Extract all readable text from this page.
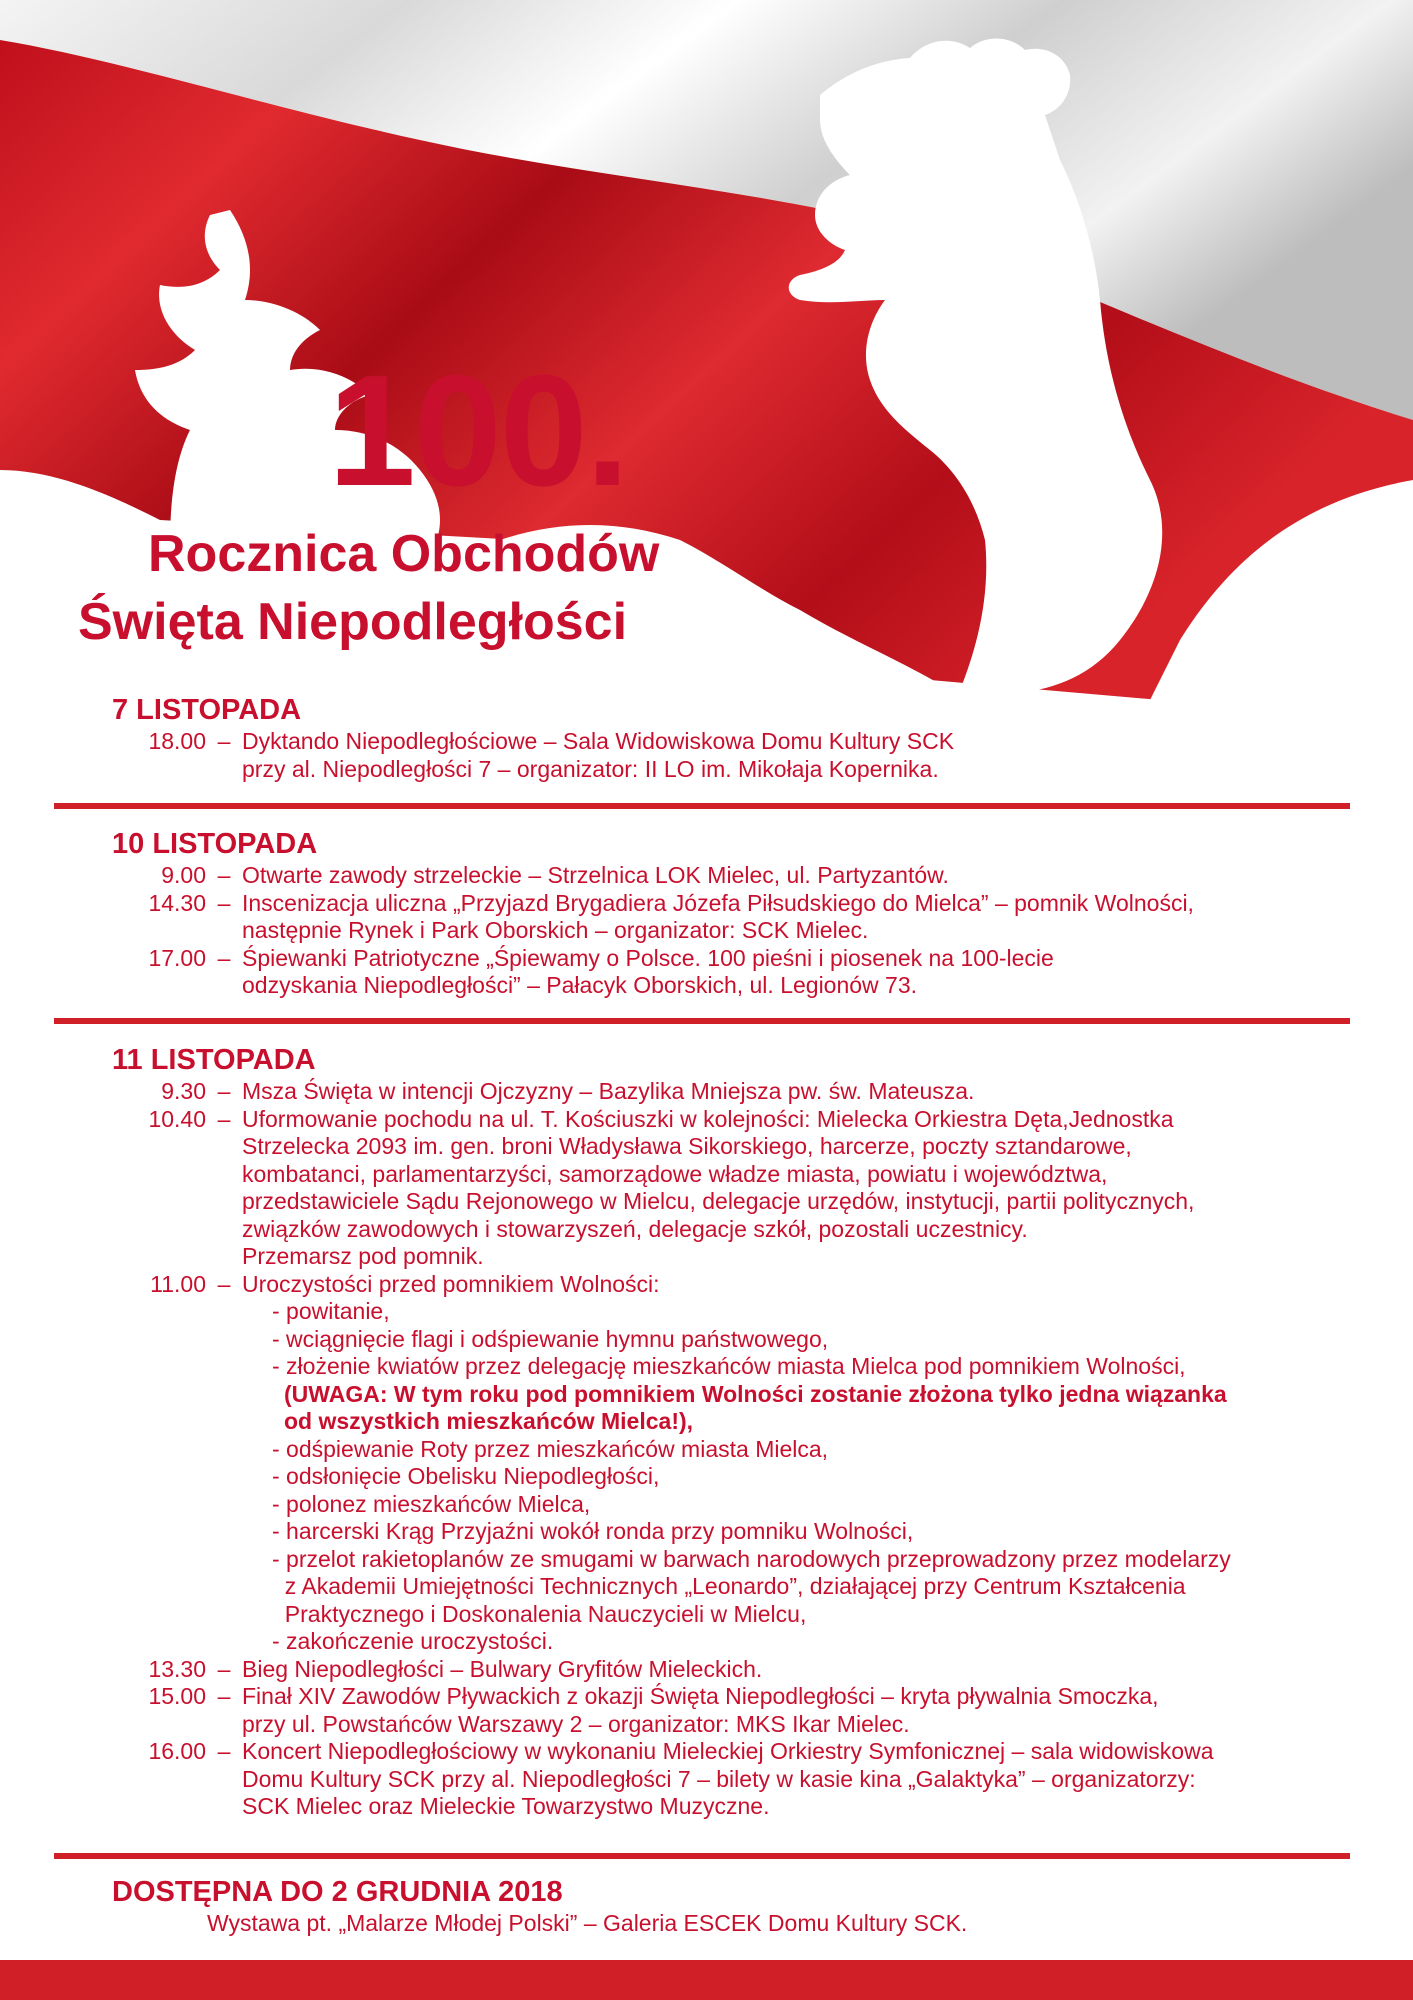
100.
Rocznica Obchodów
Święta Niepodległości
7 LISTOPADA
18.00 – Dyktando Niepodległościowe – Sala Widowiskowa Domu Kultury SCK

przy al. Niepodległości 7 – organizator: II LO im. Mikołaja Kopernika.

10 LISTOPADA
9.00 – Otwarte zawody strzeleckie – Strzelnica LOK Mielec, ul. Partyzantów.

14.30 – Inscenizacja uliczna „Przyjazd Brygadiera Józefa Piłsudskiego do Mielca” – pomnik Wolności,

następnie Rynek i Park Oborskich – organizator: SCK Mielec.

17.00 – Śpiewanki Patriotyczne „Śpiewamy o Polsce. 100 pieśni i piosenek na 100-lecie

odzyskania Niepodległości” – Pałacyk Oborskich, ul. Legionów 73.

11 LISTOPADA
9.30 – Msza Święta w intencji Ojczyzny – Bazylika Mniejsza pw. św. Mateusza.

10.40 – Uformowanie pochodu na ul. T. Kościuszki w kolejności: Mielecka Orkiestra Dęta,Jednostka

Strzelecka 2093 im. gen. broni Władysława Sikorskiego, harcerze, poczty sztandarowe,

kombatanci, parlamentarzyści, samorządowe władze miasta, powiatu i województwa,

przedstawiciele Sądu Rejonowego w Mielcu, delegacje urzędów, instytucji, partii politycznych,

związków zawodowych i stowarzyszeń, delegacje szkół, pozostali uczestnicy.

Przemarsz pod pomnik.

11.00 – Uroczystości przed pomnikiem Wolności:

- powitanie,

- wciągnięcie flagi i odśpiewanie hymnu państwowego,

- złożenie kwiatów przez delegację mieszkańców miasta Mielca pod pomnikiem Wolności,

(UWAGA: W tym roku pod pomnikiem Wolności zostanie złożona tylko jedna wiązanka

od wszystkich mieszkańców Mielca!),

- odśpiewanie Roty przez mieszkańców miasta Mielca,

- odsłonięcie Obelisku Niepodległości,

- polonez mieszkańców Mielca,

- harcerski Krąg Przyjaźni wokół ronda przy pomniku Wolności,

- przelot rakietoplanów ze smugami w barwach narodowych przeprowadzony przez modelarzy

z Akademii Umiejętności Technicznych „Leonardo”, działającej przy Centrum Kształcenia

Praktycznego i Doskonalenia Nauczycieli w Mielcu,

- zakończenie uroczystości.

13.30 – Bieg Niepodległości – Bulwary Gryfitów Mieleckich.

15.00 – Finał XIV Zawodów Pływackich z okazji Święta Niepodległości – kryta pływalnia Smoczka,

przy ul. Powstańców Warszawy 2 – organizator: MKS Ikar Mielec.

16.00 – Koncert Niepodległościowy w wykonaniu Mieleckiej Orkiestry Symfonicznej – sala widowiskowa

Domu Kultury SCK przy al. Niepodległości 7 – bilety w kasie kina „Galaktyka” – organizatorzy:

SCK Mielec oraz Mieleckie Towarzystwo Muzyczne.

DOSTĘPNA DO 2 GRUDNIA 2018
Wystawa pt. „Malarze Młodej Polski” – Galeria ESCEK Domu Kultury SCK.
